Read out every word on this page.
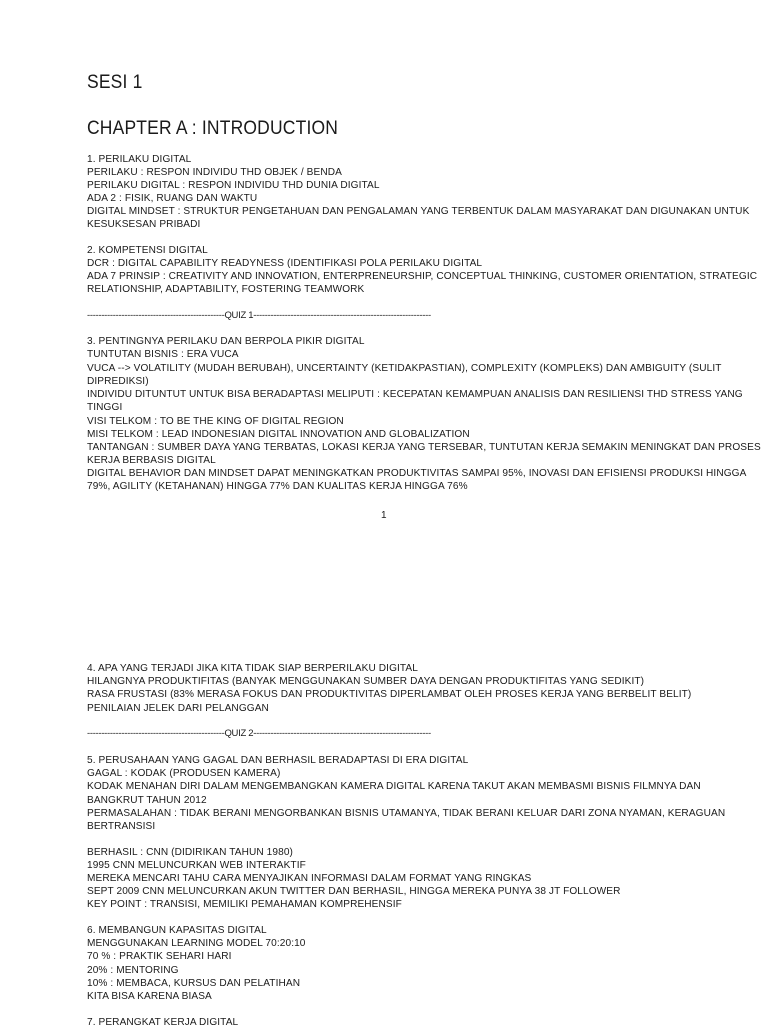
SESI 1
CHAPTER A : INTRODUCTION
1. PERILAKU DIGITAL
PERILAKU : RESPON INDIVIDU THD OBJEK / BENDA
PERILAKU DIGITAL : RESPON INDIVIDU THD DUNIA DIGITAL
ADA 2 : FISIK, RUANG DAN WAKTU
DIGITAL MINDSET : STRUKTUR PENGETAHUAN DAN PENGALAMAN YANG TERBENTUK DALAM MASYARAKAT DAN DIGUNAKAN UNTUK
KESUKSESAN PRIBADI
2. KOMPETENSI DIGITAL
DCR : DIGITAL CAPABILITY READYNESS (IDENTIFIKASI POLA PERILAKU DIGITAL
ADA 7 PRINSIP : CREATIVITY AND INNOVATION, ENTERPRENEURSHIP, CONCEPTUAL THINKING, CUSTOMER ORIENTATION, STRATEGIC
RELATIONSHIP, ADAPTABILITY, FOSTERING TEAMWORK
------------------------------------------------QUIZ 1--------------------------------------------------------------
3. PENTINGNYA PERILAKU DAN BERPOLA PIKIR DIGITAL
TUNTUTAN BISNIS : ERA VUCA
VUCA --> VOLATILITY (MUDAH BERUBAH), UNCERTAINTY (KETIDAKPASTIAN), COMPLEXITY (KOMPLEKS) DAN AMBIGUITY (SULIT
DIPREDIKSI)
INDIVIDU DITUNTUT UNTUK BISA BERADAPTASI MELIPUTI : KECEPATAN KEMAMPUAN ANALISIS DAN RESILIENSI THD STRESS YANG
TINGGI
VISI TELKOM : TO BE THE KING OF DIGITAL REGION
MISI TELKOM : LEAD INDONESIAN DIGITAL INNOVATION AND GLOBALIZATION
TANTANGAN : SUMBER DAYA YANG TERBATAS, LOKASI KERJA YANG TERSEBAR, TUNTUTAN KERJA SEMAKIN MENINGKAT DAN PROSES
KERJA BERBASIS DIGITAL
DIGITAL BEHAVIOR DAN MINDSET DAPAT MENINGKATKAN PRODUKTIVITAS SAMPAI 95%, INOVASI DAN EFISIENSI PRODUKSI HINGGA
79%, AGILITY (KETAHANAN) HINGGA 77% DAN KUALITAS KERJA HINGGA 76%
1
4. APA YANG TERJADI JIKA KITA TIDAK SIAP BERPERILAKU DIGITAL
HILANGNYA PRODUKTIFITAS (BANYAK MENGGUNAKAN SUMBER DAYA DENGAN PRODUKTIFITAS YANG SEDIKIT)
RASA FRUSTASI (83% MERASA FOKUS DAN PRODUKTIVITAS DIPERLAMBAT OLEH PROSES KERJA YANG BERBELIT BELIT)
PENILAIAN JELEK DARI PELANGGAN
------------------------------------------------QUIZ 2--------------------------------------------------------------
5. PERUSAHAAN YANG GAGAL DAN BERHASIL BERADAPTASI DI ERA DIGITAL
GAGAL : KODAK (PRODUSEN KAMERA)
KODAK MENAHAN DIRI DALAM MENGEMBANGKAN KAMERA DIGITAL KARENA TAKUT AKAN MEMBASMI BISNIS FILMNYA DAN
BANGKRUT TAHUN 2012
PERMASALAHAN : TIDAK BERANI MENGORBANKAN BISNIS UTAMANYA, TIDAK BERANI KELUAR DARI ZONA NYAMAN, KERAGUAN
BERTRANSISI
BERHASIL : CNN (DIDIRIKAN TAHUN 1980)
1995 CNN MELUNCURKAN WEB INTERAKTIF
MEREKA MENCARI TAHU CARA MENYAJIKAN INFORMASI DALAM FORMAT YANG RINGKAS
SEPT 2009 CNN MELUNCURKAN AKUN TWITTER DAN BERHASIL, HINGGA MEREKA PUNYA 38 JT FOLLOWER
KEY POINT : TRANSISI, MEMILIKI PEMAHAMAN KOMPREHENSIF
6. MEMBANGUN KAPASITAS DIGITAL
MENGGUNAKAN LEARNING MODEL 70:20:10
70 % : PRAKTIK SEHARI HARI
20% : MENTORING
10% : MEMBACA, KURSUS DAN PELATIHAN
KITA BISA KARENA BIASA
7. PERANGKAT KERJA DIGITAL
